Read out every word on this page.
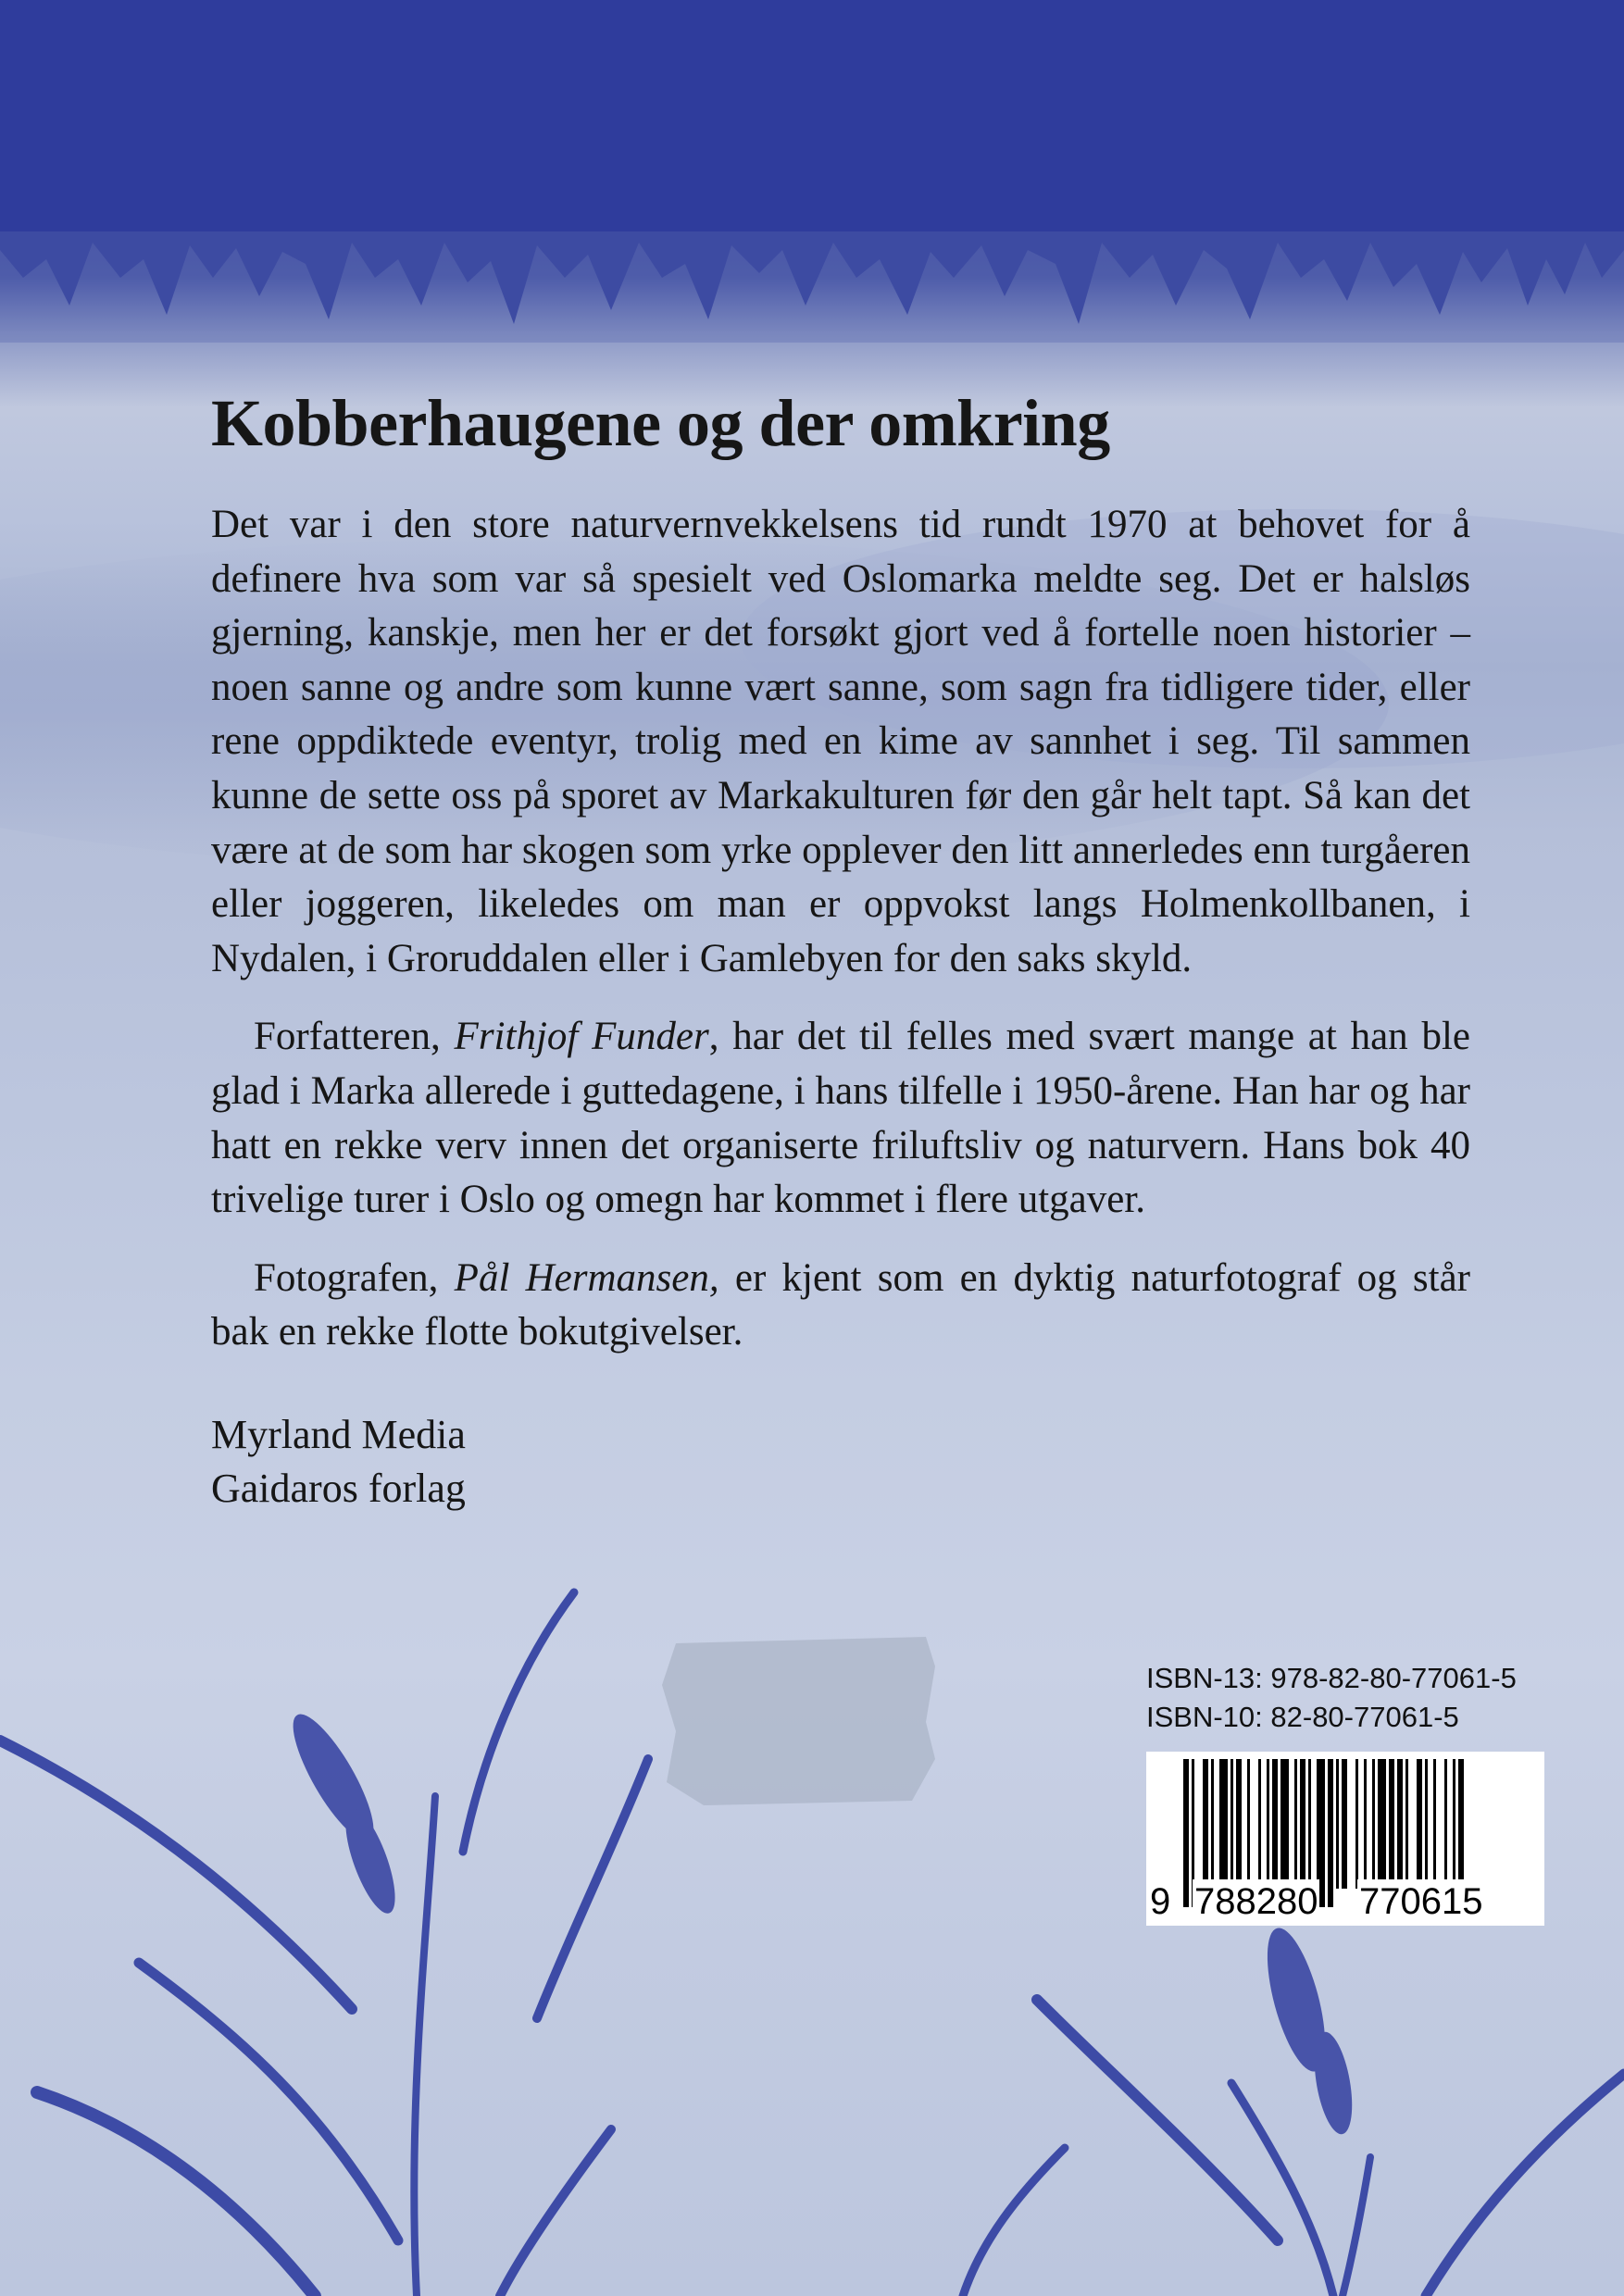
Kobberhaugene og der omkring

Det var i den store naturvernvekkelsens tid rundt 1970 at behovet for å definere hva som var så spesielt ved Oslomarka meldte seg. Det er halsløs gjerning, kanskje, men her er det forsøkt gjort ved å fortelle noen historier – noen sanne og andre som kunne vært sanne, som sagn fra tidligere tider, eller rene oppdiktede eventyr, trolig med en kime av sannhet i seg. Til sammen kunne de sette oss på sporet av Markakulturen før den går helt tapt. Så kan det være at de som har skogen som yrke opplever den litt annerledes enn turgåeren eller joggeren, likeledes om man er oppvokst langs Holmenkollbanen, i Nydalen, i Groruddalen eller i Gamlebyen for den saks skyld.

Forfatteren, Frithjof Funder, har det til felles med svært mange at han ble glad i Marka allerede i guttedagene, i hans tilfelle i 1950-årene. Han har og har hatt en rekke verv innen det organiserte friluftsliv og naturvern. Hans bok 40 trivelige turer i Oslo og omegn har kommet i flere utgaver.

Fotografen, Pål Hermansen, er kjent som en dyktig naturfotograf og står bak en rekke flotte bokutgivelser.

Myrland Media
Gaidaros forlag
ISBN-13: 978-82-80-77061-5
ISBN-10: 82-80-77061-5
9 788280 770615
